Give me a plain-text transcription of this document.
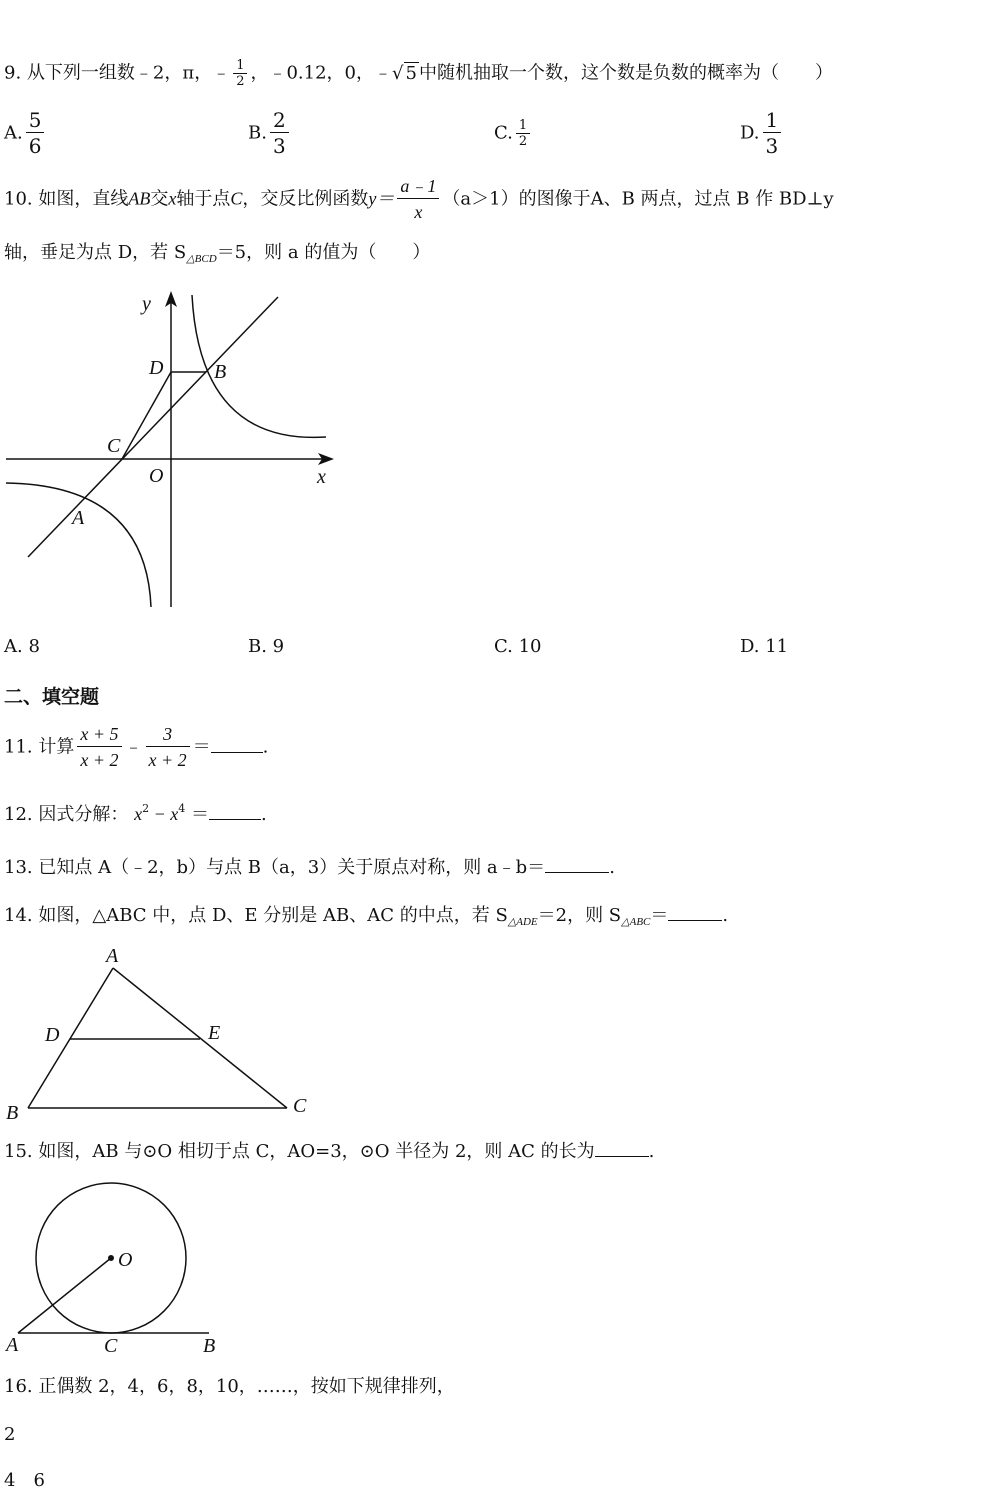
9. 从下列一组数﹣2，π，﹣ $\frac{1}{2}$ ，﹣0.12，0，﹣√ 5 中随机抽取一个数，这个数是负数的概率为（　　）
A. $\frac{5}{6}$	B. $\frac{2}{3}$	C. $\frac{1}{2}$	D. $\frac{1}{3}$
10. 如图，直线AB交x轴于点C，交反比例函数$y= \frac{a﹣1}{x} (a>1)$的图像于A、B 两点，过点 B 作 BD⊥y
轴，垂足为点 D，若 $S_{\triangle BCD}=5$，则 a 的值为（　　）
y
x
D	B
C
O
A
A. 8	B. 9	C. 10	D. 11
二、填空题
11. 计算 $\frac{x + 5}{x + 2}$ ﹣ $\frac{3}{x + 2}$ ＝	.
12. 因式分解： $x^2 - x^4$ ＝	.
13. 已知点 A（﹣2，b）与点 B（a，3）关于原点对称，则 a﹣b＝	.
14. 如图，△ABC 中，点 D、E 分别是 AB、AC 的中点，若 $S_{\triangle ADE}=2$，则 $S_{\triangle ABC}=$	.
A
D	E
B	C
15. 如图，AB 与⊙O 相切于点 C，AO=3，⊙O 半径为 2，则 AC 的长为	.
O
A	C	B
16. 正偶数 2，4，6，8，10，……，按如下规律排列，
2
4　6
